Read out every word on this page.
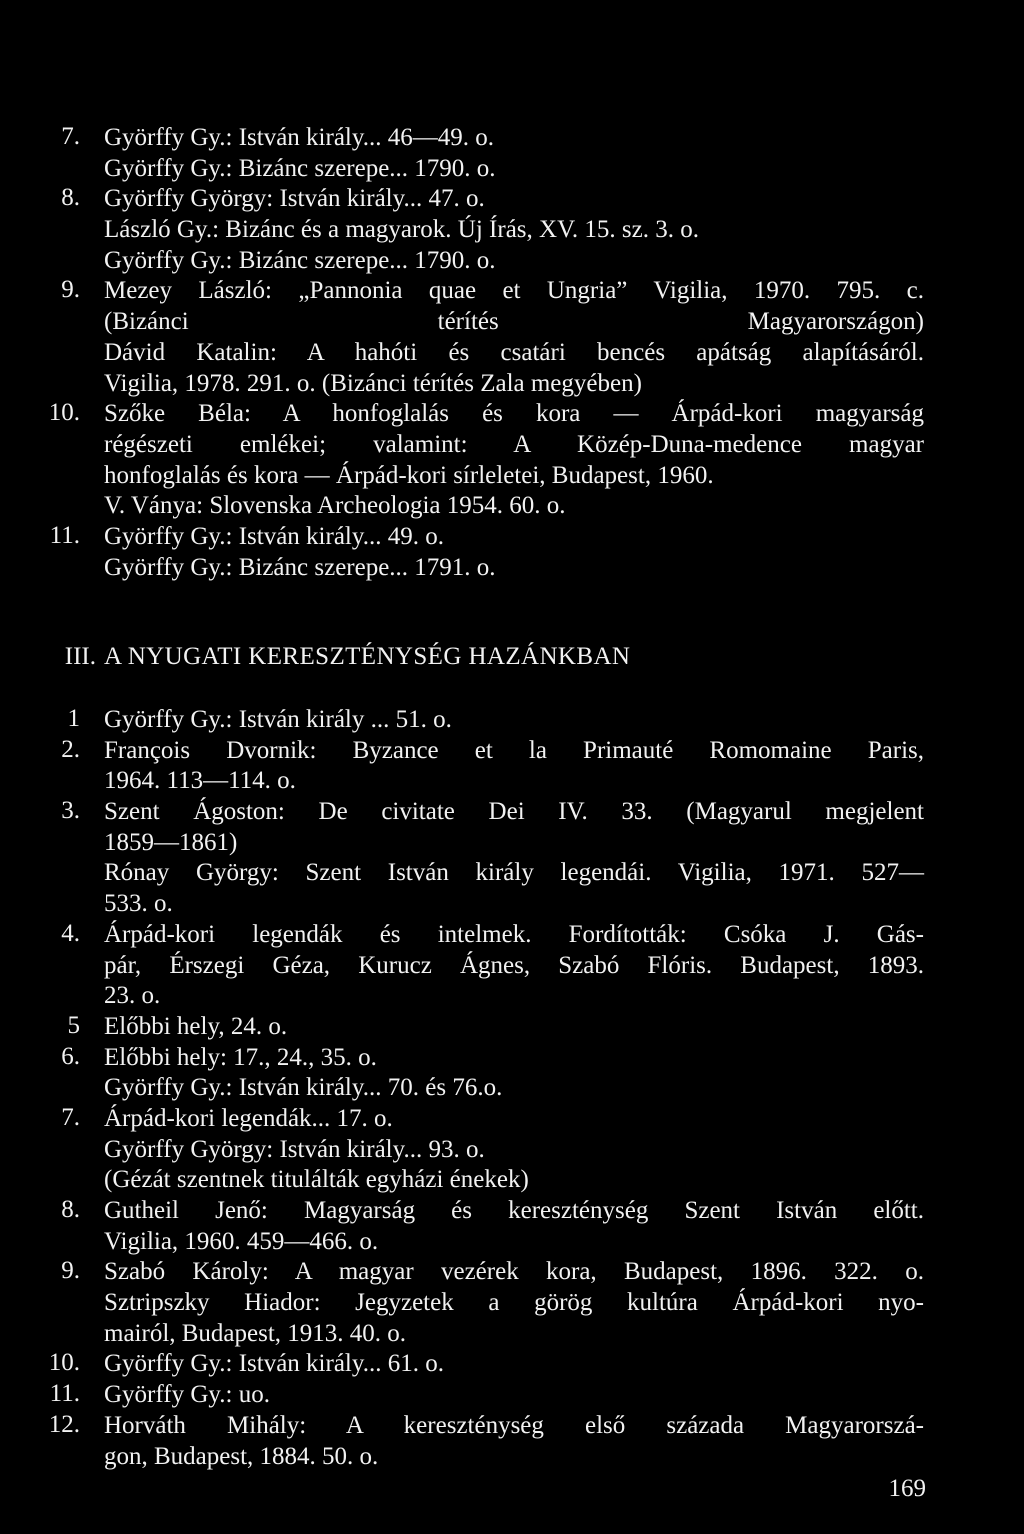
7. Györffy Gy.: István király... 46—49. o.
Györffy Gy.: Bizánc szerepe... 1790. o.
8. Györffy György: István király... 47. o.
László Gy.: Bizánc és a magyarok. Új Írás, XV. 15. sz. 3. o.
Györffy Gy.: Bizánc szerepe... 1790. o.
9. Mezey László: „Pannonia quae et Ungria” Vigilia, 1970. 795. c.
(Bizánci térítés Magyarországon)
Dávid Katalin: A hahóti és csatári bencés apátság alapításáról.
Vigilia, 1978. 291. o. (Bizánci térítés Zala megyében)
10. Szőke Béla: A honfoglalás és kora — Árpád-kori magyarság
régészeti emlékei; valamint: A Közép-Duna-medence magyar
honfoglalás és kora — Árpád-kori sírleletei, Budapest, 1960.
V. Ványa: Slovenska Archeologia 1954. 60. o.
11. Györffy Gy.: István király... 49. o.
Györffy Gy.: Bizánc szerepe... 1791. o.
III. A NYUGATI KERESZTÉNYSÉG HAZÁNKBAN
1 Györffy Gy.: István király ... 51. o.
2. François Dvornik: Byzance et la Primauté Romomaine Paris,
1964. 113—114. o.
3. Szent Ágoston: De civitate Dei IV. 33. (Magyarul megjelent
1859—1861)
Rónay György: Szent István király legendái. Vigilia, 1971. 527—
533. o.
4. Árpád-kori legendák és intelmek. Fordították: Csóka J. Gás-
pár, Érszegi Géza, Kurucz Ágnes, Szabó Flóris. Budapest, 1893.
23. o.
5 Előbbi hely, 24. o.
6. Előbbi hely: 17., 24., 35. o.
Györffy Gy.: István király... 70. és 76.o.
7. Árpád-kori legendák... 17. o.
Györffy György: István király... 93. o.
(Gézát szentnek titulálták egyházi énekek)
8. Gutheil Jenő: Magyarság és kereszténység Szent István előtt.
Vigilia, 1960. 459—466. o.
9. Szabó Károly: A magyar vezérek kora, Budapest, 1896. 322. o.
Sztripszky Hiador: Jegyzetek a görög kultúra Árpád-kori nyo-
mairól, Budapest, 1913. 40. o.
10. Györffy Gy.: István király... 61. o.
11. Györffy Gy.: uo.
12. Horváth Mihály: A kereszténység első százada Magyarorszá-
gon, Budapest, 1884. 50. o.
169
